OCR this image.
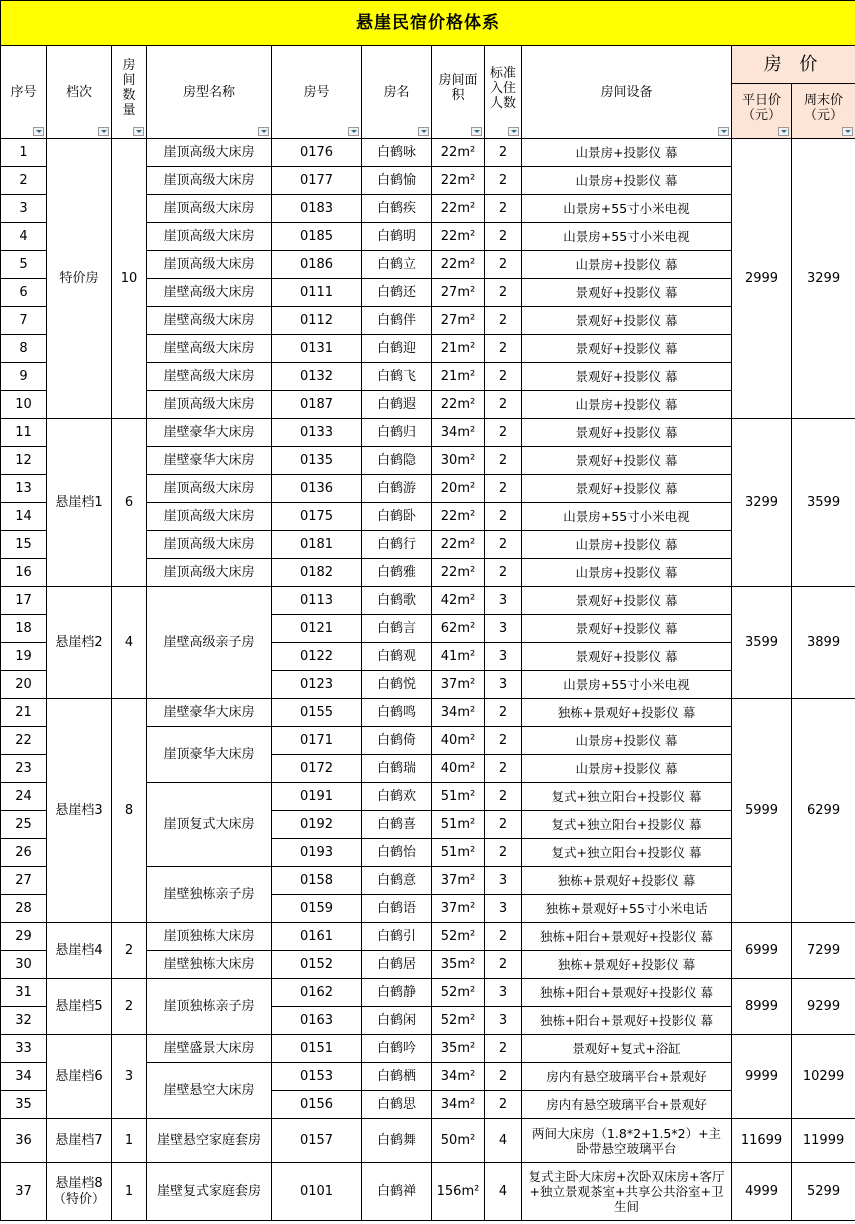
悬崖民宿价格体系										
序号	档次	房间数量	房型名称	房号	房名	房间面积	标准入住人数	房间设备	房 价	

									平日价（元）	周末价（元）

1	特价房	10	崖顶高级大床房	0176	白鹤咏	22m²	2	山景房+投影仪 幕	2999	3299
2			崖顶高级大床房	0177	白鹤愉	22m²	2	山景房+投影仪 幕		
3			崖顶高级大床房	0183	白鹤疾	22m²	2	山景房+55寸小米电视		
4			崖顶高级大床房	0185	白鹤明	22m²	2	山景房+55寸小米电视		
5			崖顶高级大床房	0186	白鹤立	22m²	2	山景房+投影仪 幕		
6			崖壁高级大床房	0111	白鹤还	27m²	2	景观好+投影仪 幕		
7			崖壁高级大床房	0112	白鹤伴	27m²	2	景观好+投影仪 幕		
8			崖壁高级大床房	0131	白鹤迎	21m²	2	景观好+投影仪 幕		
9			崖壁高级大床房	0132	白鹤飞	21m²	2	景观好+投影仪 幕		
10			崖顶高级大床房	0187	白鹤遐	22m²	2	山景房+投影仪 幕		
11	悬崖档1	6	崖壁豪华大床房	0133	白鹤归	34m²	2	景观好+投影仪 幕	3299	3599
12			崖壁豪华大床房	0135	白鹤隐	30m²	2	景观好+投影仪 幕		
13			崖顶高级大床房	0136	白鹤游	20m²	2	景观好+投影仪 幕		
14			崖顶高级大床房	0175	白鹤卧	22m²	2	山景房+55寸小米电视		
15			崖顶高级大床房	0181	白鹤行	22m²	2	山景房+投影仪 幕		
16			崖顶高级大床房	0182	白鹤雅	22m²	2	山景房+投影仪 幕		
17	悬崖档2	4	崖壁高级亲子房	0113	白鹤歌	42m²	3	景观好+投影仪 幕	3599	3899
18				0121	白鹤言	62m²	3	景观好+投影仪 幕		
19				0122	白鹤观	41m²	3	景观好+投影仪 幕		
20				0123	白鹤悦	37m²	3	山景房+55寸小米电视		
21	悬崖档3	8	崖壁豪华大床房	0155	白鹤鸣	34m²	2	独栋+景观好+投影仪 幕	5999	6299
22			崖顶豪华大床房	0171	白鹤倚	40m²	2	山景房+投影仪 幕		
23				0172	白鹤瑞	40m²	2	山景房+投影仪 幕		
24			崖顶复式大床房	0191	白鹤欢	51m²	2	复式+独立阳台+投影仪 幕		
25				0192	白鹤喜	51m²	2	复式+独立阳台+投影仪 幕		
26				0193	白鹤怡	51m²	2	复式+独立阳台+投影仪 幕		
27			崖壁独栋亲子房	0158	白鹤意	37m²	3	独栋+景观好+投影仪 幕		
28				0159	白鹤语	37m²	3	独栋+景观好+55寸小米电话		
29	悬崖档4	2	崖顶独栋大床房	0161	白鹤引	52m²	2	独栋+阳台+景观好+投影仪 幕	6999	7299
30			崖壁独栋大床房	0152	白鹤居	35m²	2	独栋+景观好+投影仪 幕		
31	悬崖档5	2	崖顶独栋亲子房	0162	白鹤静	52m²	3	独栋+阳台+景观好+投影仪 幕	8999	9299
32				0163	白鹤闲	52m²	3	独栋+阳台+景观好+投影仪 幕		
33	悬崖档6	3	崖壁盛景大床房	0151	白鹤吟	35m²	2	景观好+复式+浴缸	9999	10299
34			崖壁悬空大床房	0153	白鹤栖	34m²	2	房内有悬空玻璃平台+景观好		
35				0156	白鹤思	34m²	2	房内有悬空玻璃平台+景观好		
36	悬崖档7	1	崖壁悬空家庭套房	0157	白鹤舞	50m²	4	两间大床房（1.8*2+1.5*2）+主卧带悬空玻璃平台	11699	11999
37	悬崖档8（特价）	1	崖壁复式家庭套房	0101	白鹤禅	156m²	4	复式主卧大床房+次卧双床房+客厅+独立景观茶室+共享公共浴室+卫生间	4999	5299
